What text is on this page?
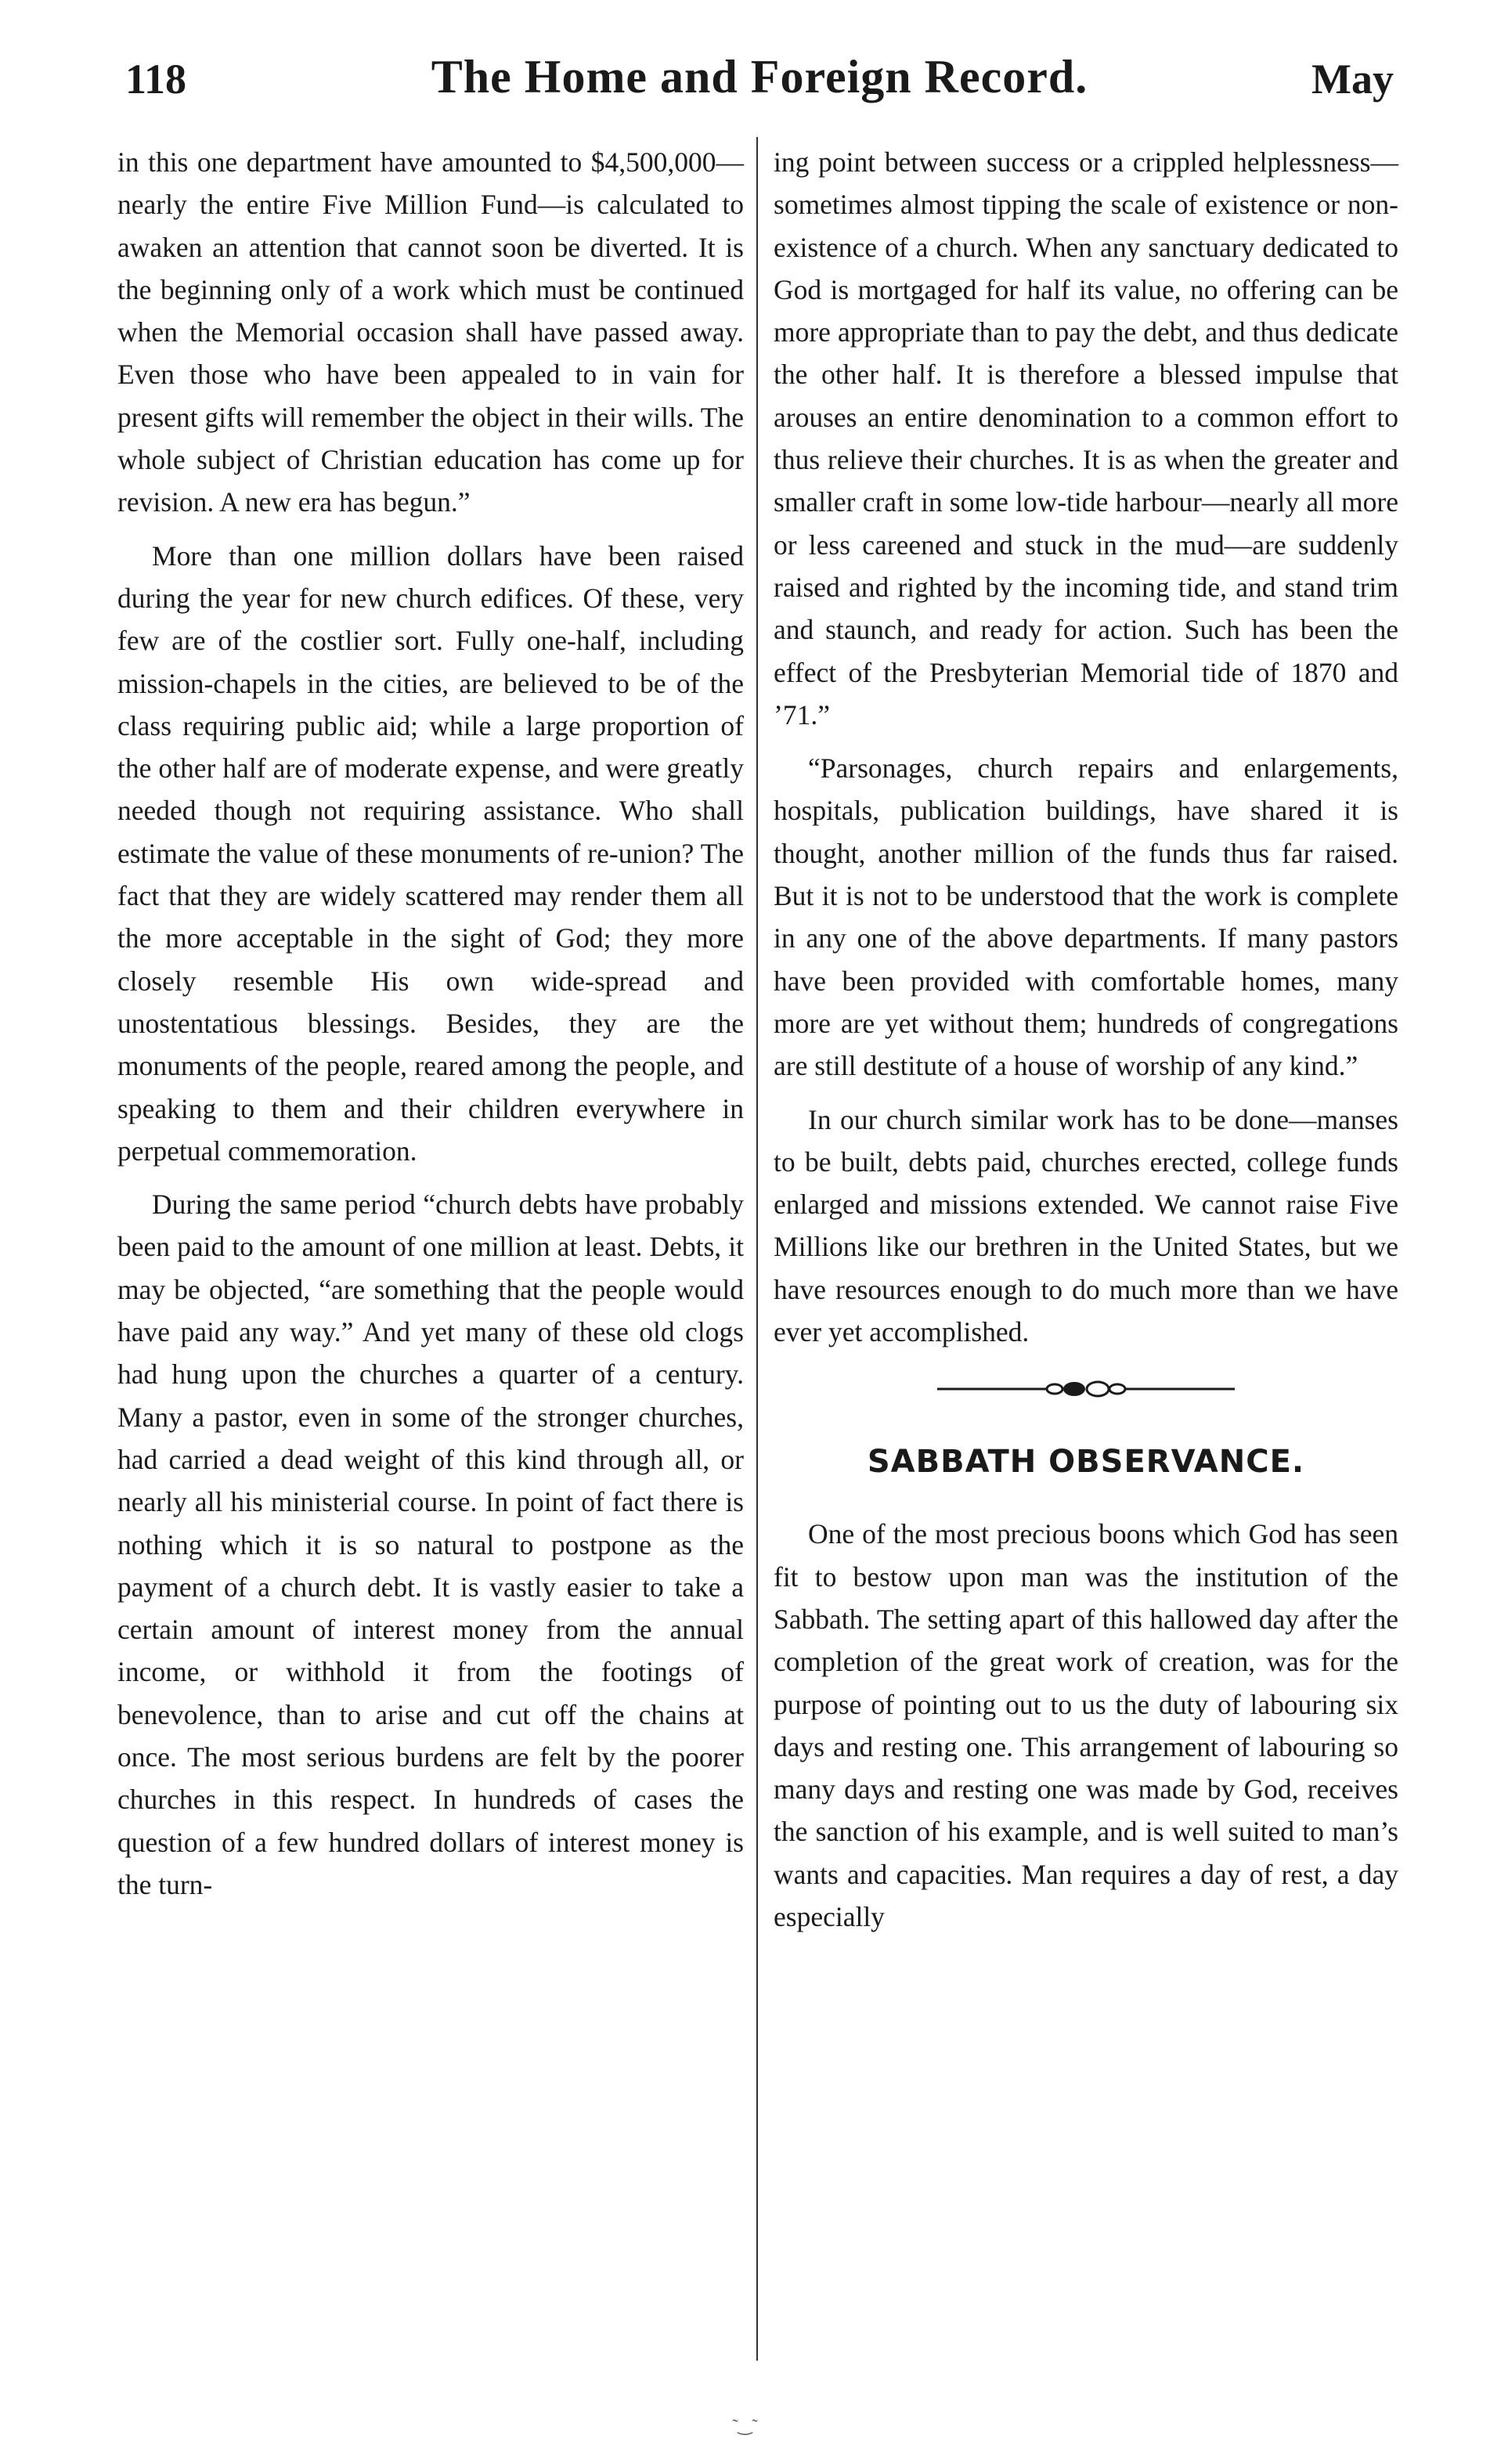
118	The Home and Foreign Record.	May

in this one department have amounted to $4,500,000—nearly the entire Five Million Fund—is calculated to awaken an attention that cannot soon be diverted. It is the beginning only of a work which must be continued when the Memorial occasion shall have passed away. Even those who have been appealed to in vain for present gifts will remember the object in their wills. The whole subject of Christian education has come up for revision. A new era has begun.”

More than one million dollars have been raised during the year for new church edifices. Of these, very few are of the costlier sort. Fully one-half, including mission-chapels in the cities, are believed to be of the class requiring public aid; while a large proportion of the other half are of moderate expense, and were greatly needed though not requiring assistance. Who shall estimate the value of these monuments of re-union? The fact that they are widely scattered may render them all the more acceptable in the sight of God; they more closely resemble His own wide-spread and unostentatious blessings. Besides, they are the monuments of the people, reared among the people, and speaking to them and their children everywhere in perpetual commemoration.

During the same period “church debts have probably been paid to the amount of one million at least. Debts, it may be objected, “are something that the people would have paid any way.” And yet many of these old clogs had hung upon the churches a quarter of a century. Many a pastor, even in some of the stronger churches, had carried a dead weight of this kind through all, or nearly all his ministerial course. In point of fact there is nothing which it is so natural to postpone as the payment of a church debt. It is vastly easier to take a certain amount of interest money from the annual income, or withhold it from the footings of benevolence, than to arise and cut off the chains at once. The most serious burdens are felt by the poorer churches in this respect. In hundreds of cases the question of a few hundred dollars of interest money is the turn-

ing point between success or a crippled helplessness—sometimes almost tipping the scale of existence or non-existence of a church. When any sanctuary dedicated to God is mortgaged for half its value, no offering can be more appropriate than to pay the debt, and thus dedicate the other half. It is therefore a blessed impulse that arouses an entire denomination to a common effort to thus relieve their churches. It is as when the greater and smaller craft in some low-tide harbour—nearly all more or less careened and stuck in the mud—are suddenly raised and righted by the incoming tide, and stand trim and staunch, and ready for action. Such has been the effect of the Presbyterian Memorial tide of 1870 and ’71.”

“Parsonages, church repairs and enlargements, hospitals, publication buildings, have shared it is thought, another million of the funds thus far raised. But it is not to be understood that the work is complete in any one of the above departments. If many pastors have been provided with comfortable homes, many more are yet without them; hundreds of congregations are still destitute of a house of worship of any kind.”

In our church similar work has to be done—manses to be built, debts paid, churches erected, college funds enlarged and missions extended. We cannot raise Five Millions like our brethren in the United States, but we have resources enough to do much more than we have ever yet accomplished.

SABBATH OBSERVANCE.

One of the most precious boons which God has seen fit to bestow upon man was the institution of the Sabbath. The setting apart of this hallowed day after the completion of the great work of creation, was for the purpose of pointing out to us the duty of labouring six days and resting one. This arrangement of labouring so many days and resting one was made by God, receives the sanction of his example, and is well suited to man’s wants and capacities. Man requires a day of rest, a day especially

˜‿˜
